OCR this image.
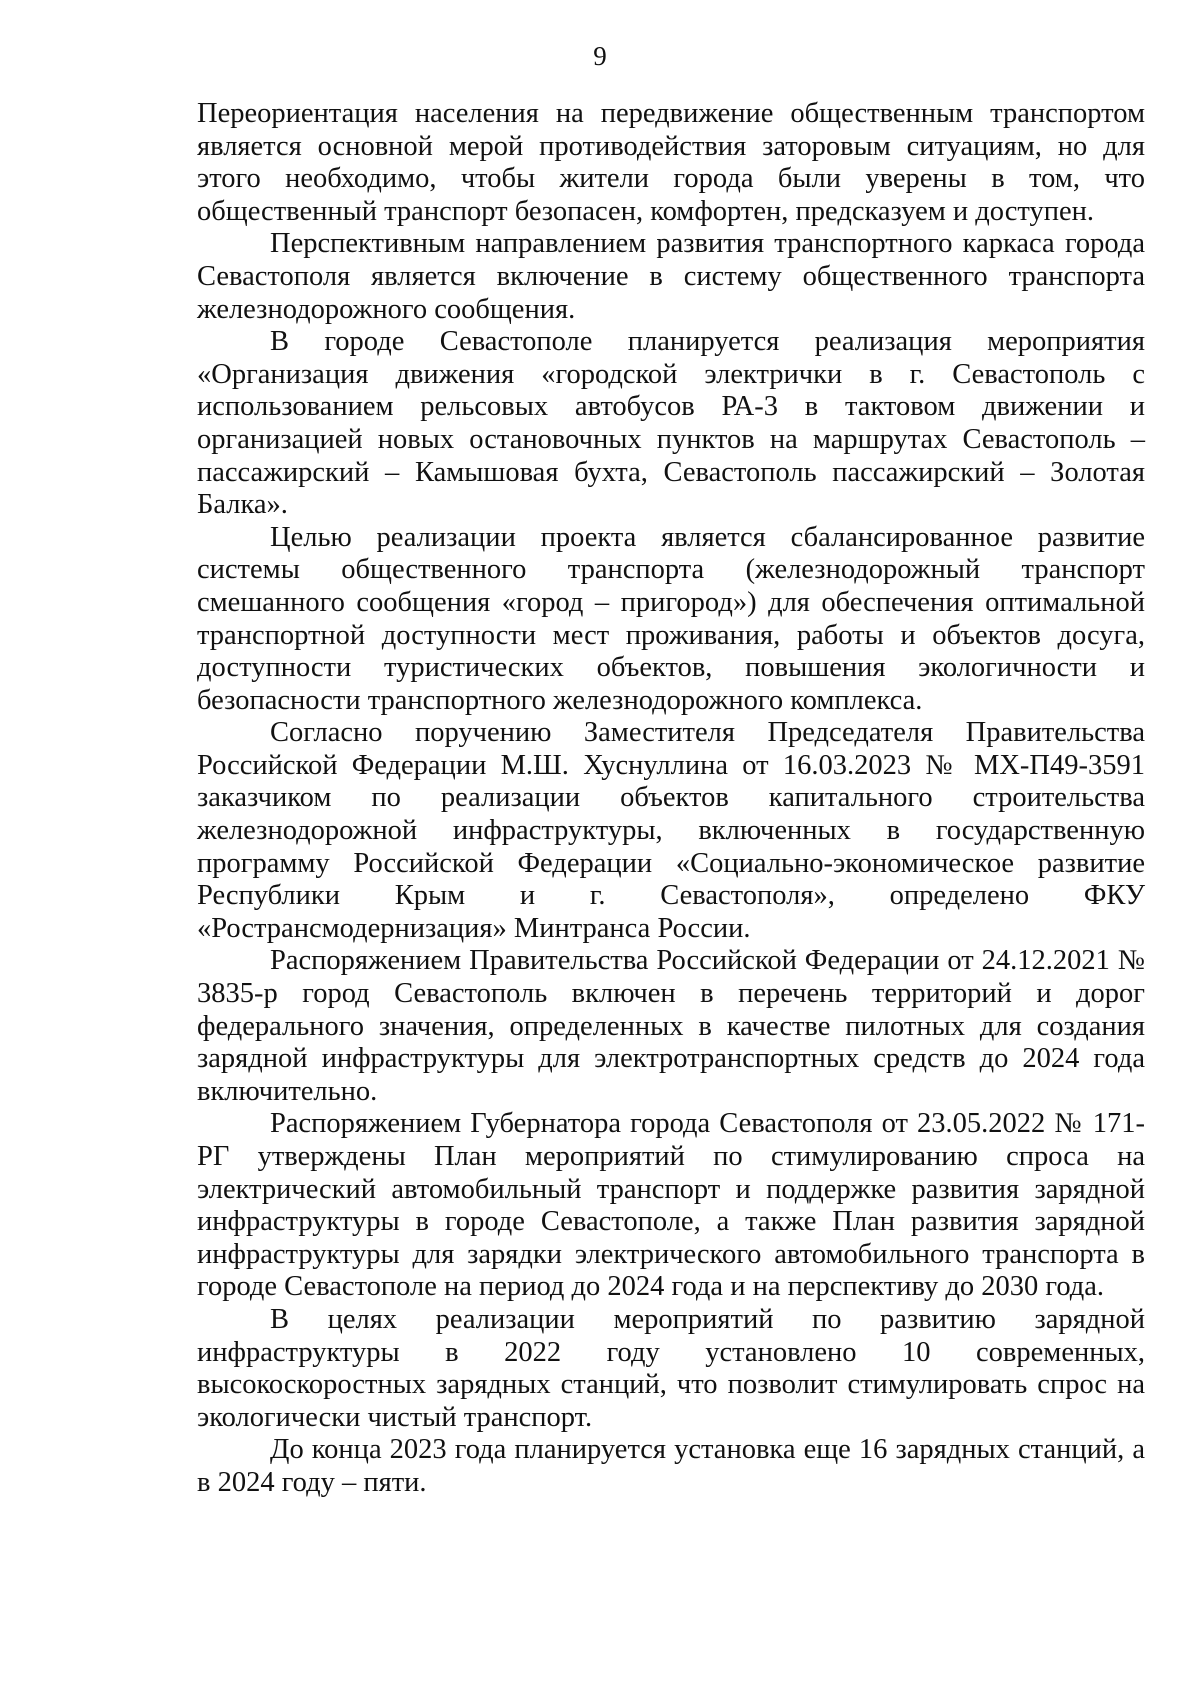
9

Переориентация населения на передвижение общественным транспортом является основной мерой противодействия заторовым ситуациям, но для этого необходимо, чтобы жители города были уверены в том, что общественный транспорт безопасен, комфортен, предсказуем и доступен.

Перспективным направлением развития транспортного каркаса города Севастополя является включение в систему общественного транспорта железнодорожного сообщения.

В городе Севастополе планируется реализация мероприятия «Организация движения «городской электрички в г. Севастополь с использованием рельсовых автобусов РА-3 в тактовом движении и организацией новых остановочных пунктов на маршрутах Севастополь – пассажирский – Камышовая бухта, Севастополь пассажирский – Золотая Балка».

Целью реализации проекта является сбалансированное развитие системы общественного транспорта (железнодорожный транспорт смешанного сообщения «город – пригород») для обеспечения оптимальной транспортной доступности мест проживания, работы и объектов досуга, доступности туристических объектов, повышения экологичности и безопасности транспортного железнодорожного комплекса.

Согласно поручению Заместителя Председателя Правительства Российской Федерации М.Ш. Хуснуллина от 16.03.2023 № МХ-П49-3591 заказчиком по реализации объектов капитального строительства железнодорожной инфраструктуры, включенных в государственную программу Российской Федерации «Социально-экономическое развитие Республики Крым и г. Севастополя», определено ФКУ «Ространсмодернизация» Минтранса России.

Распоряжением Правительства Российской Федерации от 24.12.2021 № 3835-р город Севастополь включен в перечень территорий и дорог федерального значения, определенных в качестве пилотных для создания зарядной инфраструктуры для электротранспортных средств до 2024 года включительно.

Распоряжением Губернатора города Севастополя от 23.05.2022 № 171-РГ утверждены План мероприятий по стимулированию спроса на электрический автомобильный транспорт и поддержке развития зарядной инфраструктуры в городе Севастополе, а также План развития зарядной инфраструктуры для зарядки электрического автомобильного транспорта в городе Севастополе на период до 2024 года и на перспективу до 2030 года.

В целях реализации мероприятий по развитию зарядной инфраструктуры в 2022 году установлено 10 современных, высокоскоростных зарядных станций, что позволит стимулировать спрос на экологически чистый транспорт.

До конца 2023 года планируется установка еще 16 зарядных станций, а в 2024 году – пяти.
